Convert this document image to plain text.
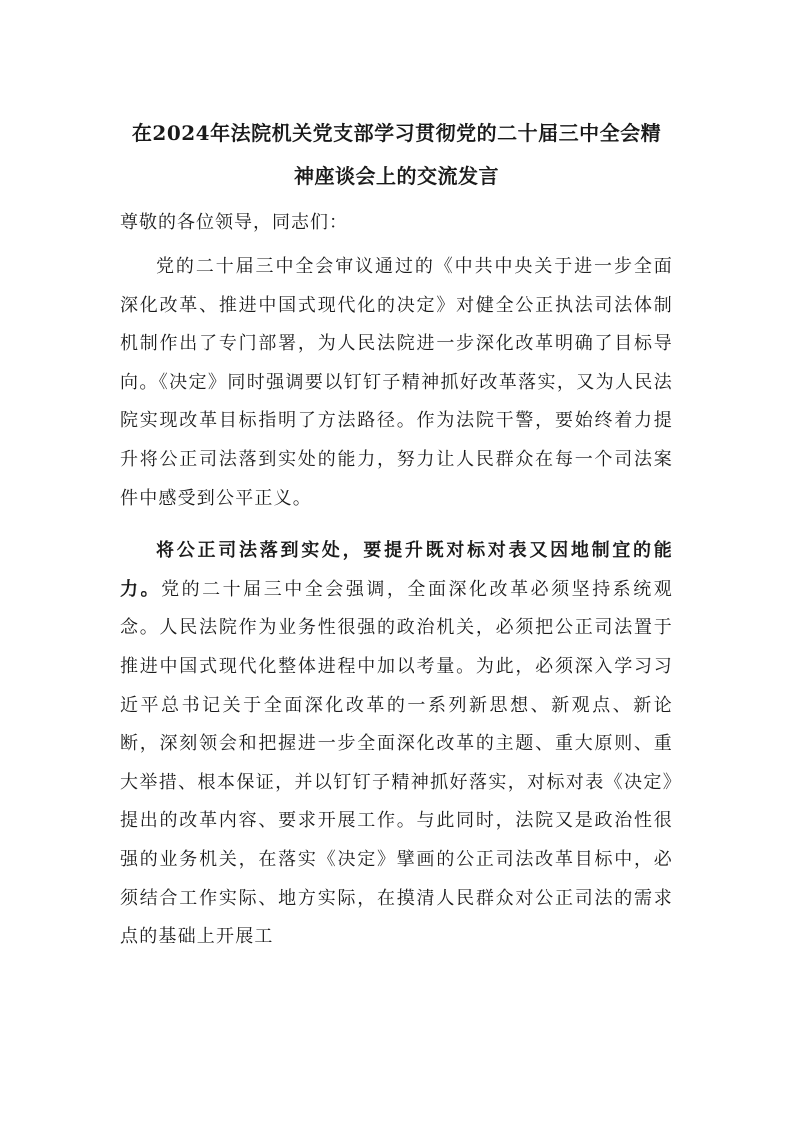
在2024年法院机关党支部学习贯彻党的二十届三中全会精
神座谈会上的交流发言

尊敬的各位领导，同志们：

党的二十届三中全会审议通过的《中共中央关于进一步全面深化改革、推进中国式现代化的决定》对健全公正执法司法体制机制作出了专门部署，为人民法院进一步深化改革明确了目标导向。《决定》同时强调要以钉钉子精神抓好改革落实，又为人民法院实现改革目标指明了方法路径。作为法院干警，要始终着力提升将公正司法落到实处的能力，努力让人民群众在每一个司法案件中感受到公平正义。

将公正司法落到实处，要提升既对标对表又因地制宜的能力。党的二十届三中全会强调，全面深化改革必须坚持系统观念。人民法院作为业务性很强的政治机关，必须把公正司法置于推进中国式现代化整体进程中加以考量。为此，必须深入学习习近平总书记关于全面深化改革的一系列新思想、新观点、新论断，深刻领会和把握进一步全面深化改革的主题、重大原则、重大举措、根本保证，并以钉钉子精神抓好落实，对标对表《决定》提出的改革内容、要求开展工作。与此同时，法院又是政治性很强的业务机关，在落实《决定》擘画的公正司法改革目标中，必须结合工作实际、地方实际，在摸清人民群众对公正司法的需求点的基础上开展工
